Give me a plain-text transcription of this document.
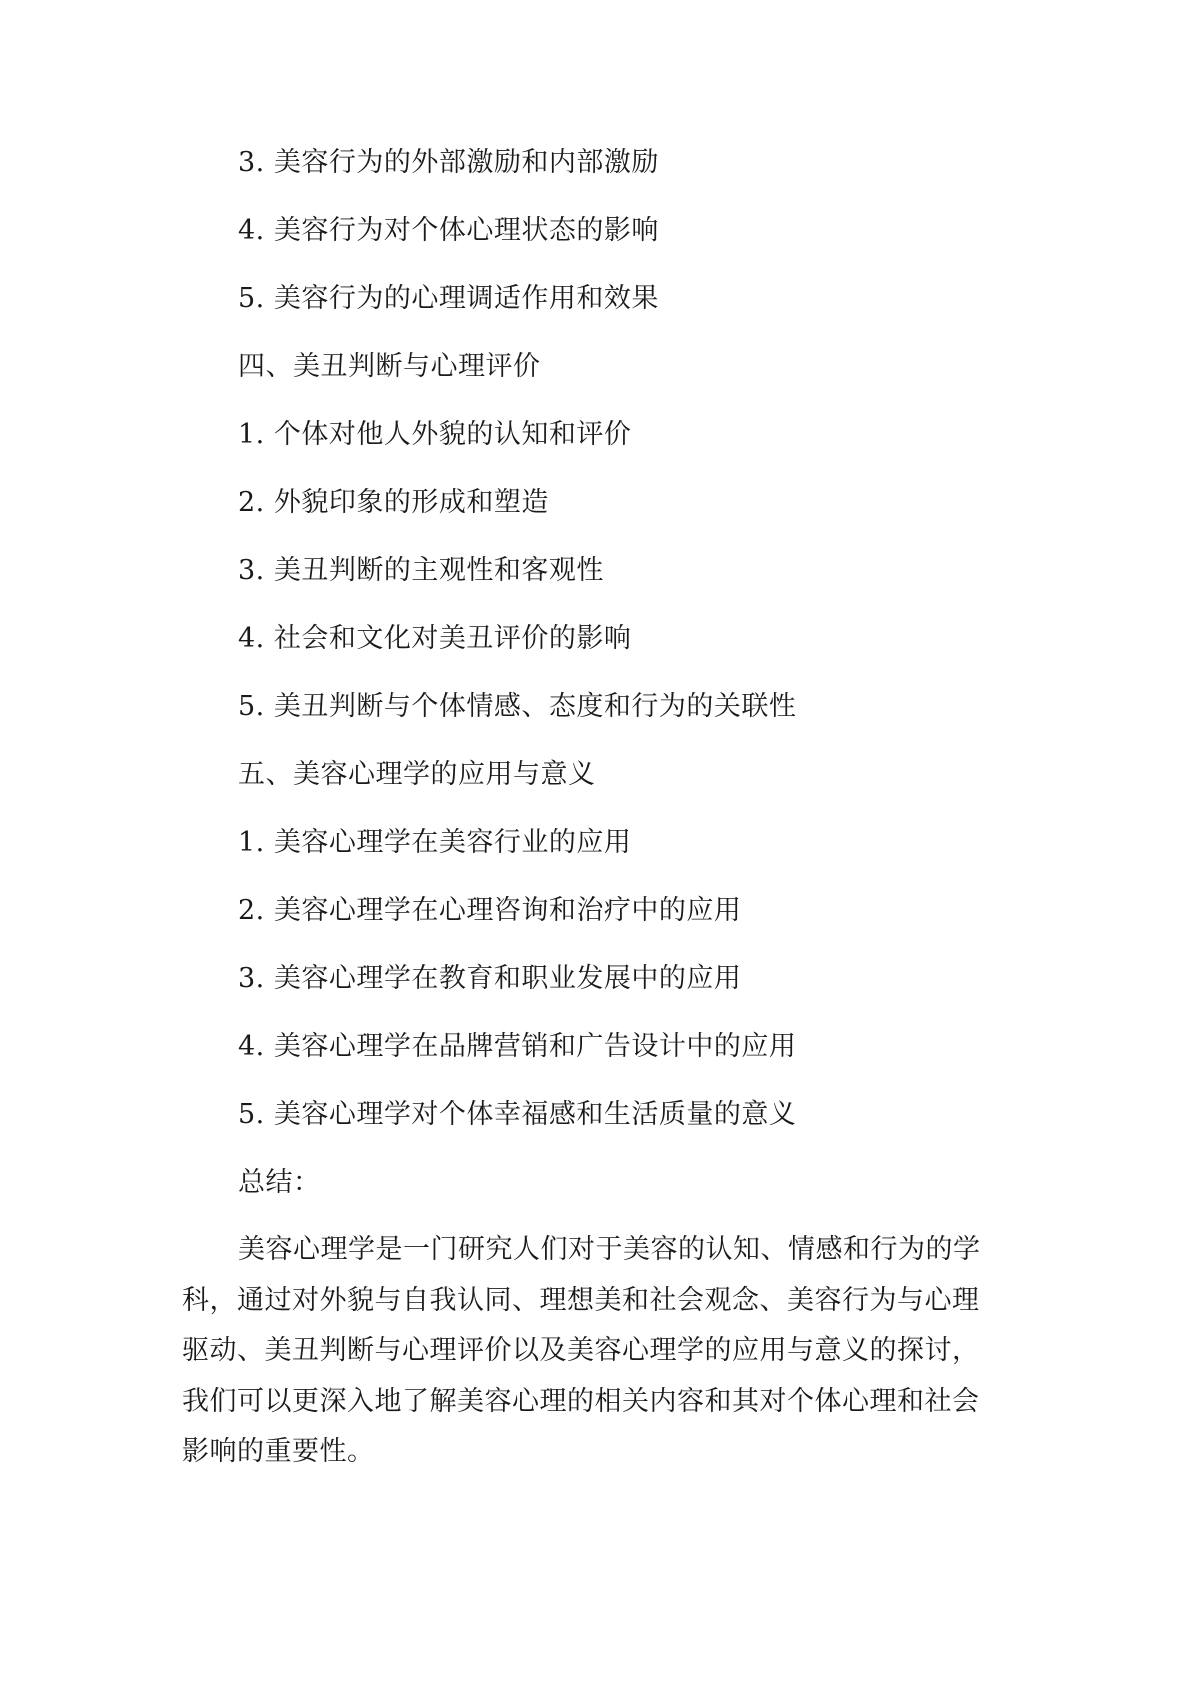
3. 美容行为的外部激励和内部激励
4. 美容行为对个体心理状态的影响
5. 美容行为的心理调适作用和效果
四、美丑判断与心理评价
1. 个体对他人外貌的认知和评价
2. 外貌印象的形成和塑造
3. 美丑判断的主观性和客观性
4. 社会和文化对美丑评价的影响
5. 美丑判断与个体情感、态度和行为的关联性
五、美容心理学的应用与意义
1. 美容心理学在美容行业的应用
2. 美容心理学在心理咨询和治疗中的应用
3. 美容心理学在教育和职业发展中的应用
4. 美容心理学在品牌营销和广告设计中的应用
5. 美容心理学对个体幸福感和生活质量的意义
总结：
美容心理学是一门研究人们对于美容的认知、情感和行为的学
科，通过对外貌与自我认同、理想美和社会观念、美容行为与心理
驱动、美丑判断与心理评价以及美容心理学的应用与意义的探讨，
我们可以更深入地了解美容心理的相关内容和其对个体心理和社会
影响的重要性。
